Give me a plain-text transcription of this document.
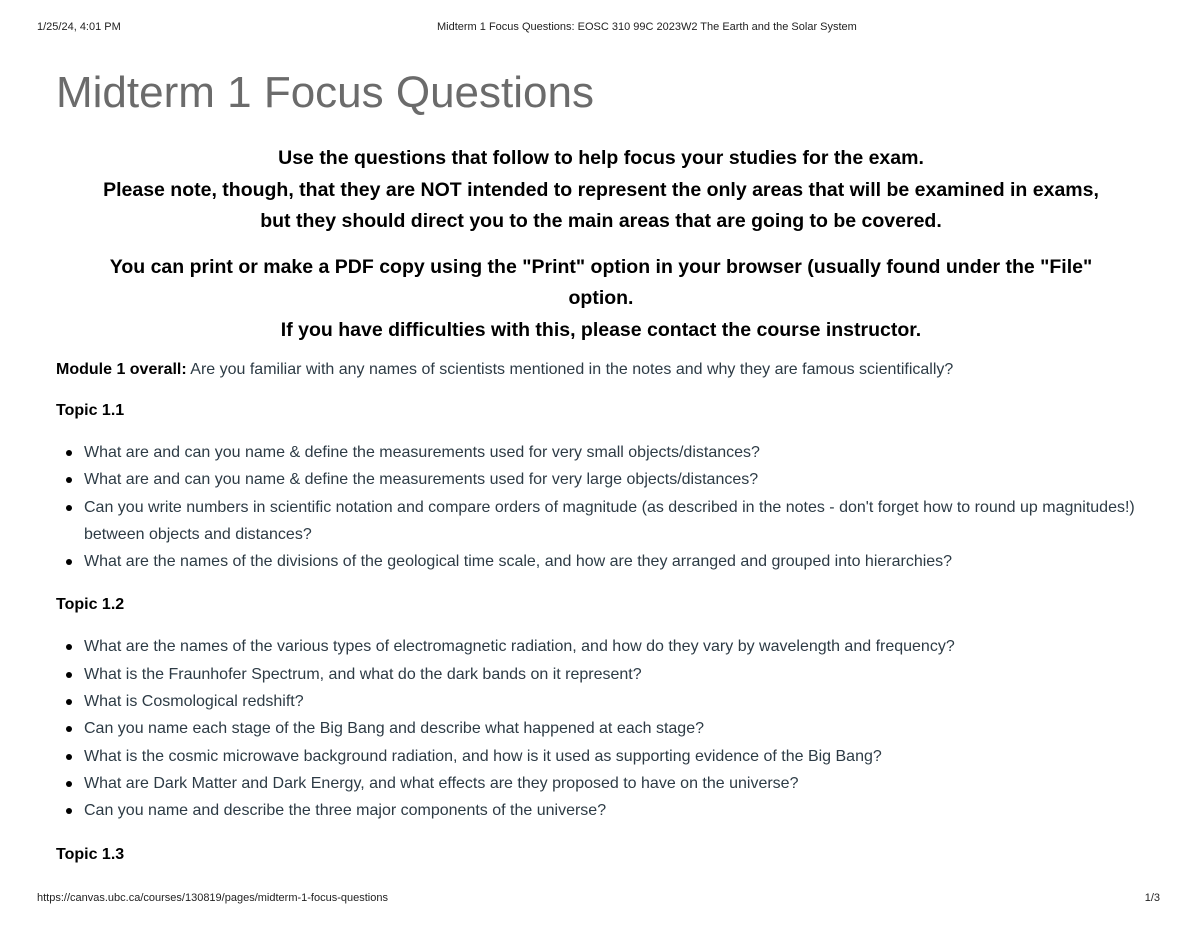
1/25/24, 4:01 PM	Midterm 1 Focus Questions: EOSC 310 99C 2023W2 The Earth and the Solar System
Midterm 1 Focus Questions

Use the questions that follow to help focus your studies for the exam.
Please note, though, that they are NOT intended to represent the only areas that will be examined in exams,
but they should direct you to the main areas that are going to be covered.

You can print or make a PDF copy using the "Print" option in your browser (usually found under the "File"
option.
If you have difficulties with this, please contact the course instructor.

Module 1 overall: Are you familiar with any names of scientists mentioned in the notes and why they are famous scientifically?

Topic 1.1
What are and can you name & define the measurements used for very small objects/distances?
What are and can you name & define the measurements used for very large objects/distances?
Can you write numbers in scientific notation and compare orders of magnitude (as described in the notes - don't forget how to round up magnitudes!) between objects and distances?
What are the names of the divisions of the geological time scale, and how are they arranged and grouped into hierarchies?
Topic 1.2
What are the names of the various types of electromagnetic radiation, and how do they vary by wavelength and frequency?
What is the Fraunhofer Spectrum, and what do the dark bands on it represent?
What is Cosmological redshift?
Can you name each stage of the Big Bang and describe what happened at each stage?
What is the cosmic microwave background radiation, and how is it used as supporting evidence of the Big Bang?
What are Dark Matter and Dark Energy, and what effects are they proposed to have on the universe?
Can you name and describe the three major components of the universe?
Topic 1.3
https://canvas.ubc.ca/courses/130819/pages/midterm-1-focus-questions	1/3
